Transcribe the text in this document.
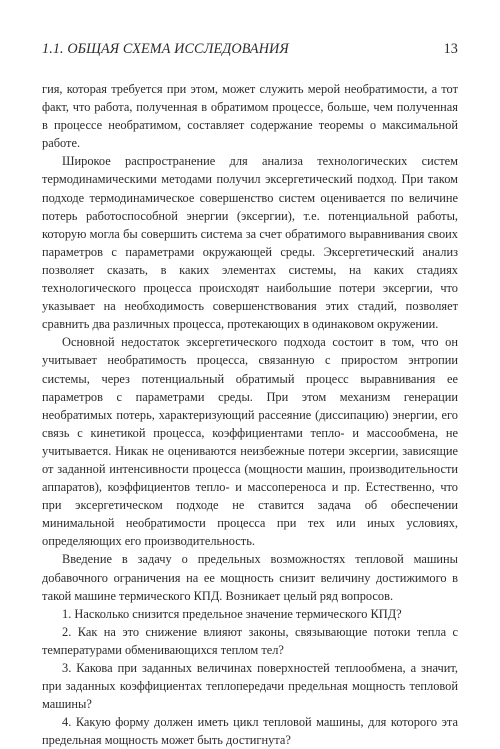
1.1. ОБЩАЯ СХЕМА ИССЛЕДОВАНИЯ	13

гия, которая требуется при этом, может служить мерой необратимости, а тот факт, что работа, полученная в обратимом процессе, больше, чем полученная в процессе необратимом, составляет содержание теоремы о максимальной работе.

Широкое распространение для анализа технологических систем термодинамическими методами получил эксергетический подход. При таком подходе термодинамическое совершенство систем оценивается по величине потерь работоспособной энергии (эксергии), т.е. потенциальной работы, которую могла бы совершить система за счет обратимого выравнивания своих параметров с параметрами окружающей среды. Эксергетический анализ позволяет сказать, в каких элементах системы, на каких стадиях технологического процесса происходят наибольшие потери эксергии, что указывает на необходимость совершенствования этих стадий, позволяет сравнить два различных процесса, протекающих в одинаковом окружении.

Основной недостаток эксергетического подхода состоит в том, что он учитывает необратимость процесса, связанную с приростом энтропии системы, через потенциальный обратимый процесс выравнивания ее параметров с параметрами среды. При этом механизм генерации необратимых потерь, характеризующий рассеяние (диссипацию) энергии, его связь с кинетикой процесса, коэффициентами тепло- и массообмена, не учитывается. Никак не оцениваются неизбежные потери эксергии, зависящие от заданной интенсивности процесса (мощности машин, производительности аппаратов), коэффициентов тепло- и массопереноса и пр. Естественно, что при эксергетическом подходе не ставится задача об обеспечении минимальной необратимости процесса при тех или иных условиях, определяющих его производительность.

Введение в задачу о предельных возможностях тепловой машины добавочного ограничения на ее мощность снизит величину достижимого в такой машине термического КПД. Возникает целый ряд вопросов.

1. Насколько снизится предельное значение термического КПД?

2. Как на это снижение влияют законы, связывающие потоки тепла с температурами обменивающихся теплом тел?

3. Какова при заданных величинах поверхностей теплообмена, а значит, при заданных коэффициентах теплопередачи предельная мощность тепловой машины?

4. Какую форму должен иметь цикл тепловой машины, для которого эта предельная мощность может быть достигнута?
